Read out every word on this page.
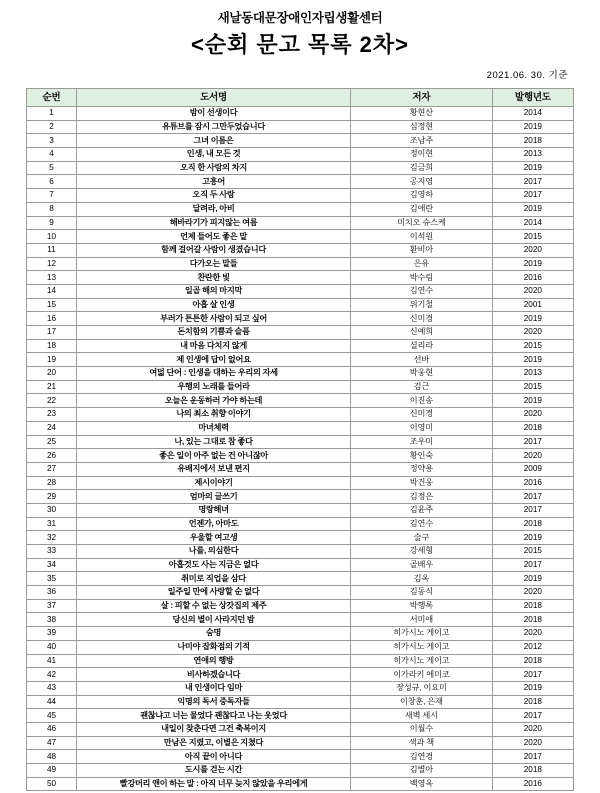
새날동대문장애인자립생활센터
<순회 문고 목록 2차>
2021.06. 30. 기준
순번	도서명	저자	발행년도
1	밤이 선생이다	황현산	2014
2	유튜브를 잠시 그만두었습니다	심정현	2019
3	그녀 이름은	조남주	2018
4	인생, 내 모든 것	정이현	2013
5	오직 한 사람의 차지	김금희	2019
6	고흥어	공지영	2017
7	오직 두 사람	김영하	2017
8	달려라, 아비	김애란	2019
9	해바라기가 피지않는 여름	미치오 슈스케	2014
10	언제 들어도 좋은 말	이석원	2015
11	함께 걸어갈 사람이 생겼습니다	환비아	2020
12	다가오는 말들	은유	2019
13	찬란한 빛	박수림	2016
14	일곱 해의 마지막	김연수	2020
15	아홉 살 인생	위기철	2001
16	부러가 튼튼한 사람이 되고 싶어	신미경	2019
17	돈치함의 기쁨과 슬픔	신예희	2020
18	내 마음 다치지 않게	셜리라	2015
19	제 인생에 답이 없어요	선바	2019
20	여덟 단어 : 인생을 대하는 우리의 자세	박웅현	2013
21	우행의 노래를 들어라	김근	2015
22	오늘은 운동하러 가야 하는데	이진송	2019
23	나의 최소 취향 이야기	신미경	2020
24	마녀체력	이영미	2018
25	나, 있는 그대로 참 좋다	조우미	2017
26	좋은 일이 아주 없는 건 아니잖아	황인숙	2020
27	유배지에서 보낸 편지	정약용	2009
28	제시이야기	박건웅	2016
29	엄마의 글쓰기	김정은	2017
30	명랑해녀	김윤주	2017
31	언젠가, 아마도	김연수	2018
32	우울할 여고생	술구	2019
33	나를, 의심한다	강세형	2015
34	아홉것도 사는 지금은 없다	골배우	2017
35	취미로 직업을 삼다	김옥	2019
36	일주일 만에 사랑할 순 없다	김동식	2020
37	살 : 피할 수 없는 상갓집의 제주	박행록	2018
38	당신의 별이 사라지던 밤	서미애	2018
39	숨명	히가시노 게이고	2020
40	나미야 잡화점의 기적	히가시노 게이고	2012
41	연애의 행방	히가시노 게이고	2018
42	비사하겠습니다	이가라키 에미코	2017
43	내 인생이다 임마	장성규, 이요미	2019
44	익명의 독서 중독자들	이창훈, 은재	2018
45	괜찮냐고 너는 물었다 괜찮다고 나는 웃었다	새벽 세시	2017
46	내일이 찾춘다면 그건 축복이지	이월수	2020
47	만남은 지렸고, 이별은 지쳤다	색과 책	2020
48	아직 끝이 아니다	김연경	2017
49	도시를 걷는 시간	김별아	2018
50	빨강머리 앤이 하는 말 : 아직 너무 늦지 않았을 우리에게	백영옥	2016
